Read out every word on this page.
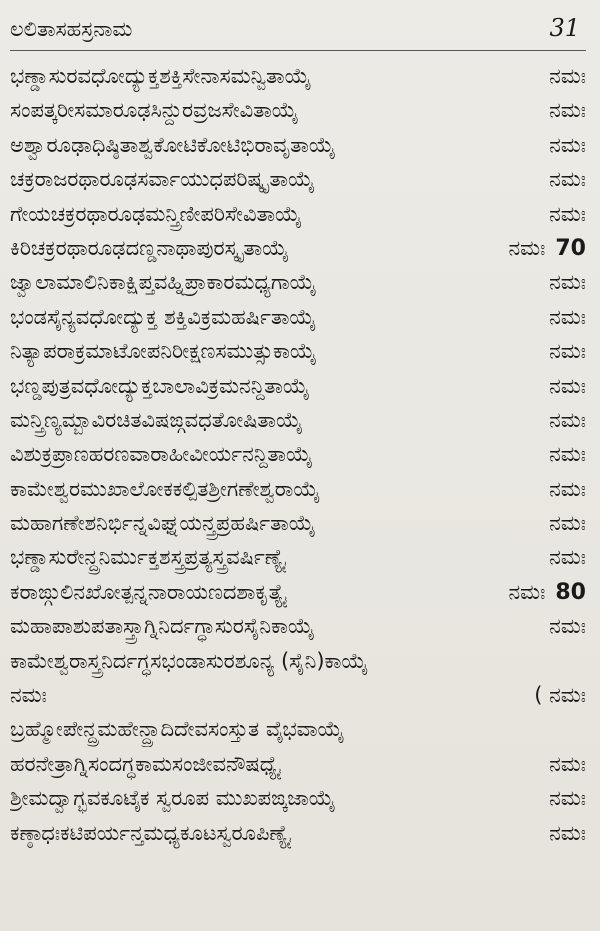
ಲಲಿತಾಸಹಸ್ರನಾಮ	31
ಭಣ್ಡಾಸುರವಧೋದ್ಯುಕ್ತಶಕ್ತಿಸೇನಾಸಮನ್ವಿತಾಯೈ	ನಮಃ
ಸಂಪತ್ಕರೀಸಮಾರೂಢಸಿನ್ದುರವ್ರಜಸೇವಿತಾಯೈ	ನಮಃ
ಅಶ್ವಾರೂಢಾಧಿಷ್ಠಿತಾಶ್ವಕೋಟಿಕೋಟಿಭಿರಾವೃತಾಯೈ	ನಮಃ
ಚಕ್ರರಾಜರಥಾರೂಢಸರ್ವಾಯುಧಪರಿಷ್ಕೃತಾಯೈ	ನಮಃ
ಗೇಯಚಕ್ರರಥಾರೂಢಮನ್ತ್ರಿಣೀಪರಿಸೇವಿತಾಯೈ	ನಮಃ
ಕಿರಿಚಕ್ರರಥಾರೂಢದಣ್ಡನಾಥಾಪುರಸ್ಕೃತಾಯೈ	ನಮಃ 70
ಜ್ವಾಲಾಮಾಲಿನಿಕಾಕ್ಷಿಪ್ತವಹ್ನಿಪ್ರಾಕಾರಮಧ್ಯಗಾಯೈ	ನಮಃ
ಭಂಡಸೈನ್ಯವಧೋದ್ಯುಕ್ತ ಶಕ್ತಿವಿಕ್ರಮಹರ್ಷಿತಾಯೈ	ನಮಃ
ನಿತ್ಯಾಪರಾಕ್ರಮಾಟೋಪನಿರೀಕ್ಷಣಸಮುತ್ಸುಕಾಯೈ	ನಮಃ
ಭಣ್ಡಪುತ್ರವಧೋದ್ಯುಕ್ತಬಾಲಾವಿಕ್ರಮನನ್ದಿತಾಯೈ	ನಮಃ
ಮನ್ತ್ರಿಣ್ಯಮ್ಬಾವಿರಚಿತವಿಷಙ್ಗವಧತೋಷಿತಾಯೈ	ನಮಃ
ವಿಶುಕ್ರಪ್ರಾಣಹರಣವಾರಾಹೀವೀರ್ಯನನ್ದಿತಾಯೈ	ನಮಃ
ಕಾಮೇಶ್ವರಮುಖಾಲೋಕಕಲ್ಪಿತಶ್ರೀಗಣೇಶ್ವರಾಯೈ	ನಮಃ
ಮಹಾಗಣೇಶನಿರ್ಭಿನ್ನವಿಘ್ನಯನ್ತ್ರಪ್ರಹರ್ಷಿತಾಯೈ	ನಮಃ
ಭಣ್ಡಾಸುರೇನ್ದ್ರನಿರ್ಮುಕ್ತಶಸ್ತ್ರಪ್ರತ್ಯಸ್ತ್ರವರ್ಷಿಣ್ಯೈ	ನಮಃ
ಕರಾಙ್ಗುಲಿನಖೋತ್ಪನ್ನನಾರಾಯಣದಶಾಕೃತ್ಯೈ	ನಮಃ 80
ಮಹಾಪಾಶುಪತಾಸ್ತ್ರಾಗ್ನಿನಿರ್ದಗ್ಧಾಸುರಸೈನಿಕಾಯೈ	ನಮಃ
ಕಾಮೇಶ್ವರಾಸ್ತ್ರನಿರ್ದಗ್ಧಸಭಂಡಾಸುರಶೂನ್ಯ (ಸೈನಿ)ಕಾಯೈ
ನಮಃ	( ನಮಃ
ಬ್ರಹ್ಮೋಪೇನ್ದ್ರಮಹೇನ್ದ್ರಾದಿದೇವಸಂಸ್ತುತ ವೈಭವಾಯೈ
ಹರನೇತ್ರಾಗ್ನಿಸಂದಗ್ಧಕಾಮಸಂಜೀವನೌಷಧ್ಯೈ	ನಮಃ
ಶ್ರೀಮದ್ವಾಗ್ಭವಕೂಟೈಕ ಸ್ವರೂಪ ಮುಖಪಙ್ಕಜಾಯೈ	ನಮಃ
ಕಣ್ಠಾಧಃಕಟಿಪರ್ಯನ್ತಮಧ್ಯಕೂಟಸ್ವರೂಪಿಣ್ಯೈ	ನಮಃ
